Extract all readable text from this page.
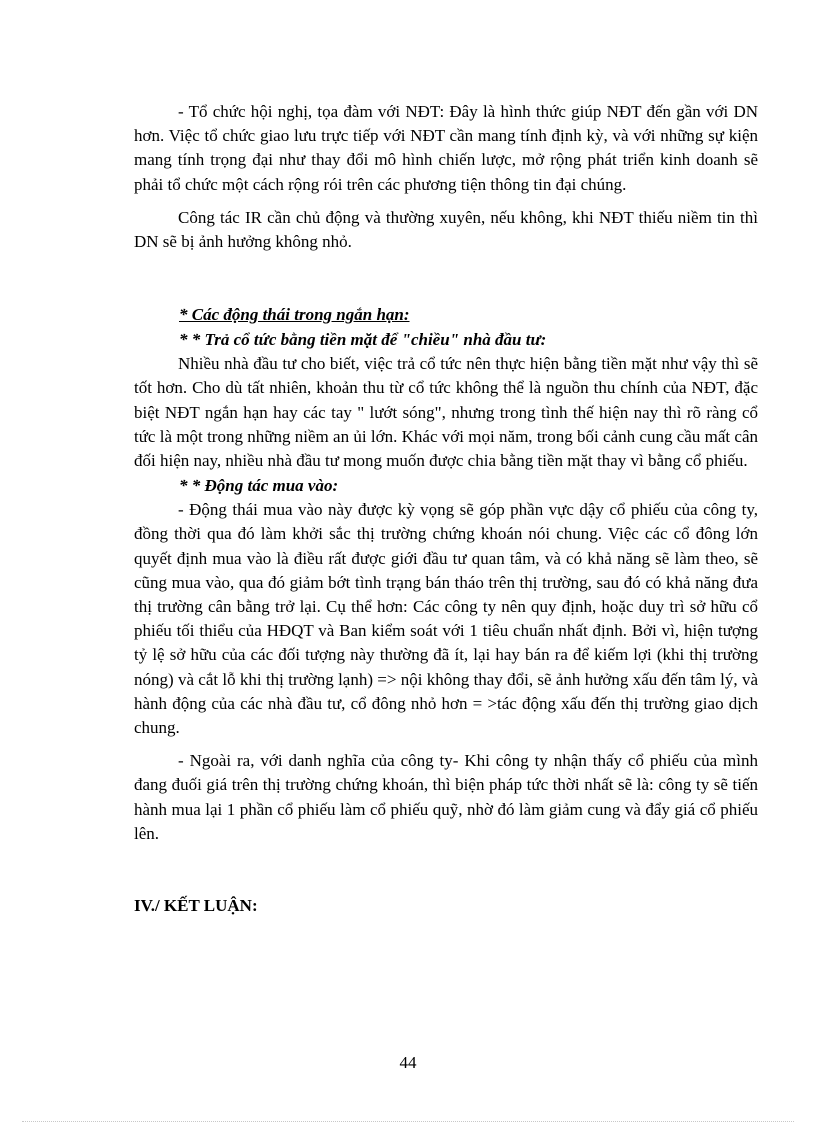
- Tổ chức hội nghị, tọa đàm với NĐT: Đây là hình thức giúp NĐT đến gần với DN hơn. Việc tổ chức giao lưu trực tiếp với NĐT cần mang tính định kỳ, và với những sự kiện mang tính trọng đại như thay đổi mô hình chiến lược, mở rộng phát triển kinh doanh sẽ phải tổ chức một cách rộng rói trên các phương tiện thông tin đại chúng.

Công tác IR cần chủ động và thường xuyên, nếu không, khi NĐT thiếu niềm tin thì DN sẽ bị ảnh hưởng không nhỏ.

* Các động thái trong ngắn hạn:
* * Trả cổ tức bằng tiền mặt để "chiều" nhà đầu tư:

Nhiều nhà đầu tư cho biết, việc trả cổ tức nên thực hiện bằng tiền mặt như vậy thì sẽ tốt hơn. Cho dù tất nhiên, khoản thu từ cổ tức không thể là nguồn thu chính của NĐT, đặc biệt NĐT ngắn hạn hay các tay " lướt sóng", nhưng trong tình thế hiện nay thì rõ ràng cổ tức là một trong những niềm an ủi lớn. Khác với mọi năm, trong bối cảnh cung cầu mất cân đối hiện nay, nhiều nhà đầu tư mong muốn được chia bằng tiền mặt thay vì bằng cổ phiếu.

* * Động tác mua vào:

- Động thái mua vào này được kỳ vọng sẽ góp phần vực dậy cổ phiếu của công ty, đồng thời qua đó làm khởi sắc thị trường chứng khoán nói chung. Việc các cổ đông lớn quyết định mua vào là điều rất được giới đầu tư quan tâm, và có khả năng sẽ làm theo, sẽ cũng mua vào, qua đó giảm bớt tình trạng bán tháo trên thị trường, sau đó có khả năng đưa thị trường cân bằng trở lại. Cụ thể hơn: Các công ty nên quy định, hoặc duy trì sở hữu cổ phiếu tối thiểu của HĐQT và Ban kiểm soát với 1 tiêu chuẩn nhất định. Bởi vì, hiện tượng tỷ lệ sở hữu của các đối tượng này thường đã ít, lại hay bán ra để kiếm lợi (khi thị trường nóng) và cắt lỗ khi thị trường lạnh) => nội không thay đổi, sẽ ảnh hưởng xấu đến tâm lý, và hành động của các nhà đầu tư, cổ đông nhỏ hơn = >tác động xấu đến thị trường giao dịch chung.

- Ngoài ra, với danh nghĩa của công ty- Khi công ty nhận thấy cổ phiếu của mình đang đuối giá trên thị trường chứng khoán, thì biện pháp tức thời nhất sẽ là: công ty sẽ tiến hành mua lại 1 phần cổ phiếu làm cổ phiếu quỹ, nhờ đó làm giảm cung và đẩy giá cổ phiếu lên.

IV./ KẾT LUẬN:
44
